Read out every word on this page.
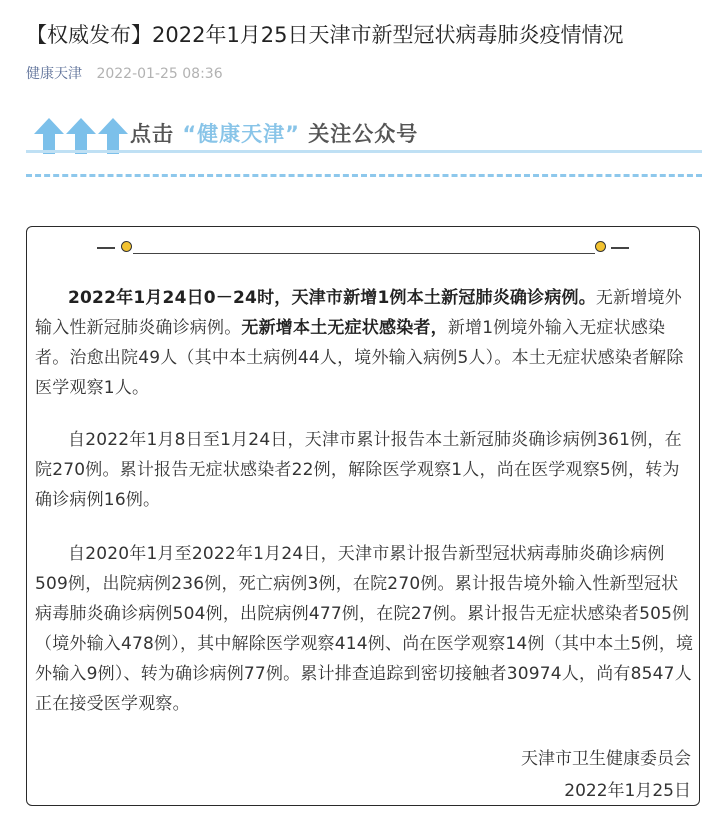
【权威发布】2022年1月25日天津市新型冠状病毒肺炎疫情情况
健康天津 2022-01-25 08:36
点击 “健康天津” 关注公众号

2022年1月24日0－24时，天津市新增1例本土新冠肺炎确诊病例。无新增境外输入性新冠肺炎确诊病例。无新增本土无症状感染者，新增1例境外输入无症状感染者。治愈出院49人（其中本土病例44人，境外输入病例5人）。本土无症状感染者解除医学观察1人。

自2022年1月8日至1月24日，天津市累计报告本土新冠肺炎确诊病例361例，在院270例。累计报告无症状感染者22例，解除医学观察1人，尚在医学观察5例，转为确诊病例16例。

自2020年1月至2022年1月24日，天津市累计报告新型冠状病毒肺炎确诊病例509例，出院病例236例，死亡病例3例，在院270例。累计报告境外输入性新型冠状病毒肺炎确诊病例504例，出院病例477例，在院27例。累计报告无症状感染者505例（境外输入478例），其中解除医学观察414例、尚在医学观察14例（其中本土5例，境外输入9例）、转为确诊病例77例。累计排查追踪到密切接触者30974人，尚有8547人正在接受医学观察。

天津市卫生健康委员会
2022年1月25日
